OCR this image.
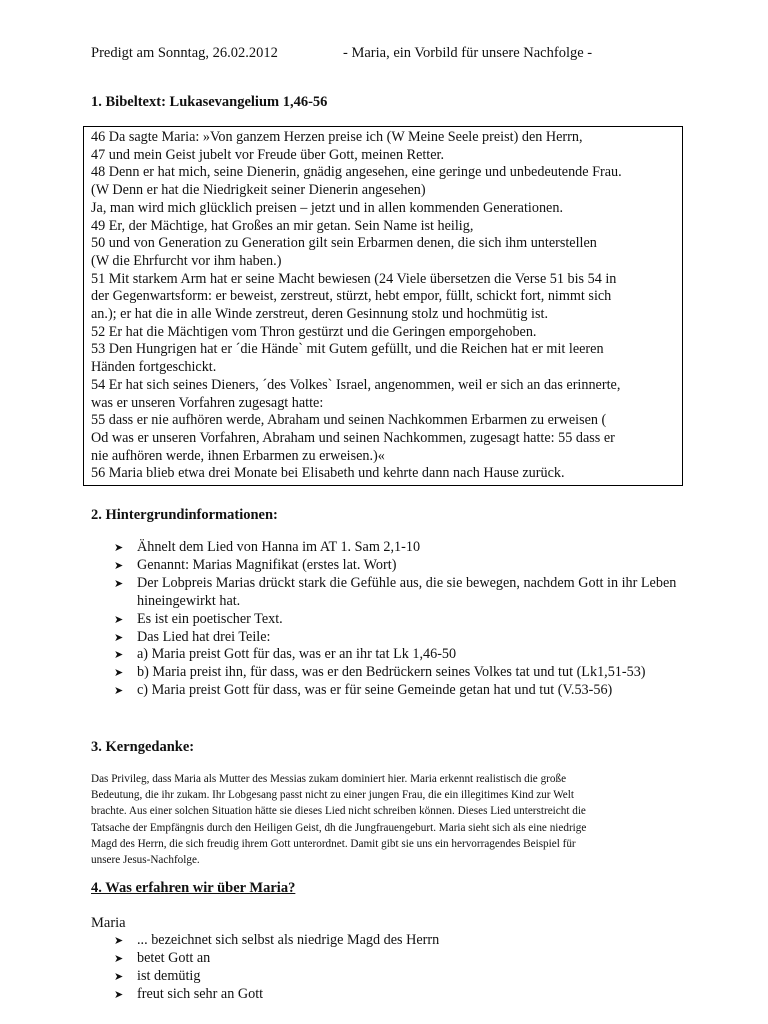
Predigt am Sonntag, 26.02.2012	- Maria, ein Vorbild für unsere Nachfolge -
1. Bibeltext: Lukasevangelium 1,46-56
46 Da sagte Maria: »Von ganzem Herzen preise ich (W Meine Seele preist) den Herrn,
47 und mein Geist jubelt vor Freude über Gott, meinen Retter.
48 Denn er hat mich, seine Dienerin, gnädig angesehen, eine geringe und unbedeutende Frau.
(W Denn er hat die Niedrigkeit seiner Dienerin angesehen)
Ja, man wird mich glücklich preisen – jetzt und in allen kommenden Generationen.
49 Er, der Mächtige, hat Großes an mir getan. Sein Name ist heilig,
50 und von Generation zu Generation gilt sein Erbarmen denen, die sich ihm unterstellen
(W die Ehrfurcht vor ihm haben.)
51 Mit starkem Arm hat er seine Macht bewiesen (24 Viele übersetzen die Verse 51 bis 54 in
der Gegenwartsform: er beweist, zerstreut, stürzt, hebt empor, füllt, schickt fort, nimmt sich
an.); er hat die in alle Winde zerstreut, deren Gesinnung stolz und hochmütig ist.
52 Er hat die Mächtigen vom Thron gestürzt und die Geringen emporgehoben.
53 Den Hungrigen hat er ´die Hände` mit Gutem gefüllt, und die Reichen hat er mit leeren
Händen fortgeschickt.
54 Er hat sich seines Dieners, ´des Volkes` Israel, angenommen, weil er sich an das erinnerte,
was er unseren Vorfahren zugesagt hatte:
55 dass er nie aufhören werde, Abraham und seinen Nachkommen Erbarmen zu erweisen (
Od was er unseren Vorfahren, Abraham und seinen Nachkommen, zugesagt hatte: 55 dass er
nie aufhören werde, ihnen Erbarmen zu erweisen.)«
56 Maria blieb etwa drei Monate bei Elisabeth und kehrte dann nach Hause zurück.
2. Hintergrundinformationen:
➤ Ähnelt dem Lied von Hanna im AT 1. Sam 2,1-10
➤ Genannt: Marias Magnifikat (erstes lat. Wort)
➤ Der Lobpreis Marias drückt stark die Gefühle aus, die sie bewegen, nachdem Gott in ihr Leben hineingewirkt hat.
➤ Es ist ein poetischer Text.
➤ Das Lied hat drei Teile:
➤ a) Maria preist Gott für das, was er an ihr tat Lk 1,46-50
➤ b) Maria preist ihn, für dass, was er den Bedrückern seines Volkes tat und tut (Lk1,51-53)
➤ c) Maria preist Gott für dass, was er für seine Gemeinde getan hat und tut (V.53-56)
3. Kerngedanke:
Das Privileg, dass Maria als Mutter des Messias zukam dominiert hier. Maria erkennt realistisch die große
Bedeutung, die ihr zukam. Ihr Lobgesang passt nicht zu einer jungen Frau, die ein illegitimes Kind zur Welt
brachte. Aus einer solchen Situation hätte sie dieses Lied nicht schreiben können. Dieses Lied unterstreicht die
Tatsache der Empfängnis durch den Heiligen Geist, dh die Jungfrauengeburt. Maria sieht sich als eine niedrige
Magd des Herrn, die sich freudig ihrem Gott unterordnet. Damit gibt sie uns ein hervorragendes Beispiel für
unsere Jesus-Nachfolge.
4. Was erfahren wir über Maria?
Maria
➤ ... bezeichnet sich selbst als niedrige Magd des Herrn
➤ betet Gott an
➤ ist demütig
➤ freut sich sehr an Gott
